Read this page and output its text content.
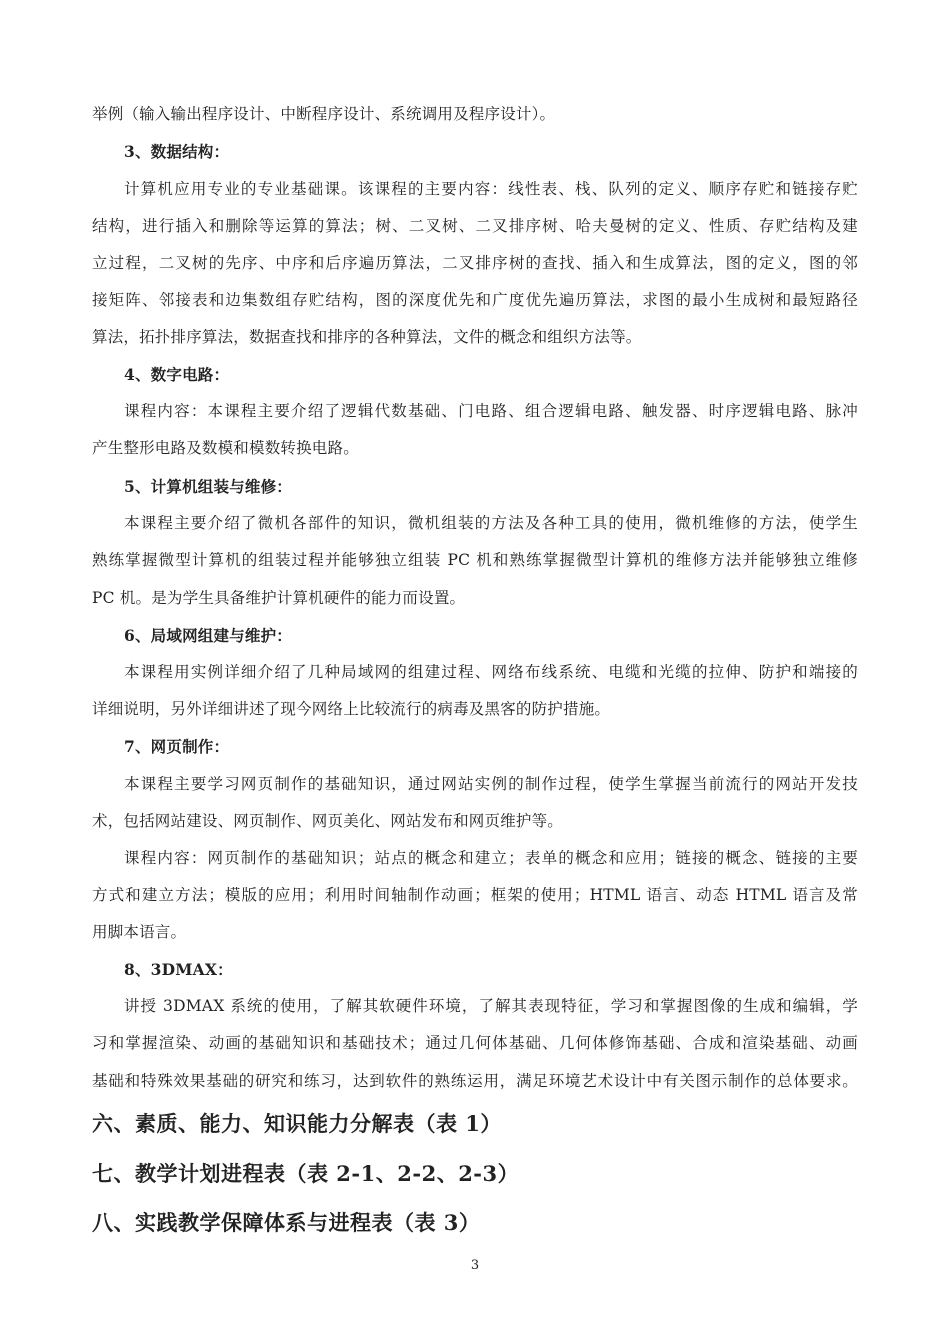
举例（输入输出程序设计、中断程序设计、系统调用及程序设计）。
3、数据结构：
计算机应用专业的专业基础课。该课程的主要内容：线性表、栈、队列的定义、顺序存贮和链接存贮
结构，进行插入和删除等运算的算法；树、二叉树、二叉排序树、哈夫曼树的定义、性质、存贮结构及建
立过程，二叉树的先序、中序和后序遍历算法，二叉排序树的查找、插入和生成算法，图的定义，图的邻
接矩阵、邻接表和边集数组存贮结构，图的深度优先和广度优先遍历算法，求图的最小生成树和最短路径
算法，拓扑排序算法，数据查找和排序的各种算法，文件的概念和组织方法等。
4、数字电路：
课程内容：本课程主要介绍了逻辑代数基础、门电路、组合逻辑电路、触发器、时序逻辑电路、脉冲
产生整形电路及数模和模数转换电路。
5、计算机组装与维修：
本课程主要介绍了微机各部件的知识，微机组装的方法及各种工具的使用，微机维修的方法，使学生
熟练掌握微型计算机的组装过程并能够独立组装 PC 机和熟练掌握微型计算机的维修方法并能够独立维修
PC 机。是为学生具备维护计算机硬件的能力而设置。
6、局域网组建与维护：
本课程用实例详细介绍了几种局域网的组建过程、网络布线系统、电缆和光缆的拉伸、防护和端接的
详细说明，另外详细讲述了现今网络上比较流行的病毒及黑客的防护措施。
7、网页制作：
本课程主要学习网页制作的基础知识，通过网站实例的制作过程，使学生掌握当前流行的网站开发技
术，包括网站建设、网页制作、网页美化、网站发布和网页维护等。
课程内容：网页制作的基础知识；站点的概念和建立；表单的概念和应用；链接的概念、链接的主要
方式和建立方法；模版的应用；利用时间轴制作动画；框架的使用；HTML 语言、动态 HTML 语言及常
用脚本语言。
8、3DMAX：
讲授 3DMAX 系统的使用，了解其软硬件环境，了解其表现特征，学习和掌握图像的生成和编辑，学
习和掌握渲染、动画的基础知识和基础技术；通过几何体基础、几何体修饰基础、合成和渲染基础、动画
基础和特殊效果基础的研究和练习，达到软件的熟练运用，满足环境艺术设计中有关图示制作的总体要求。
六、素质、能力、知识能力分解表（表 1）
七、教学计划进程表（表 2-1、2-2、2-3）
八、实践教学保障体系与进程表（表 3）
3
